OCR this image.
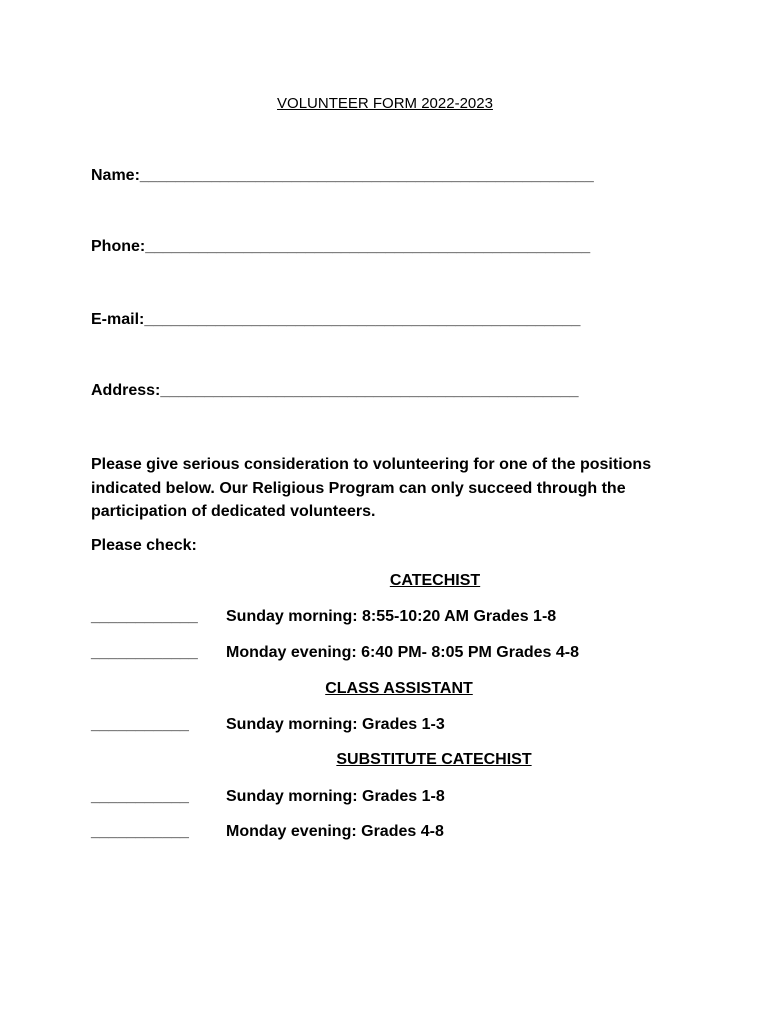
VOLUNTEER FORM 2022-2023
Name:___________________________________________________
Phone:__________________________________________________
E-mail:_________________________________________________
Address:_______________________________________________
Please give serious consideration to volunteering for one of the positions indicated below. Our Religious Program can only succeed through the participation of dedicated volunteers.
Please check:
CATECHIST
____________ Sunday morning: 8:55-10:20 AM Grades 1-8
____________ Monday evening: 6:40 PM- 8:05 PM Grades 4-8
CLASS ASSISTANT
___________ Sunday morning: Grades 1-3
SUBSTITUTE CATECHIST
___________ Sunday morning: Grades 1-8
___________ Monday evening: Grades 4-8
